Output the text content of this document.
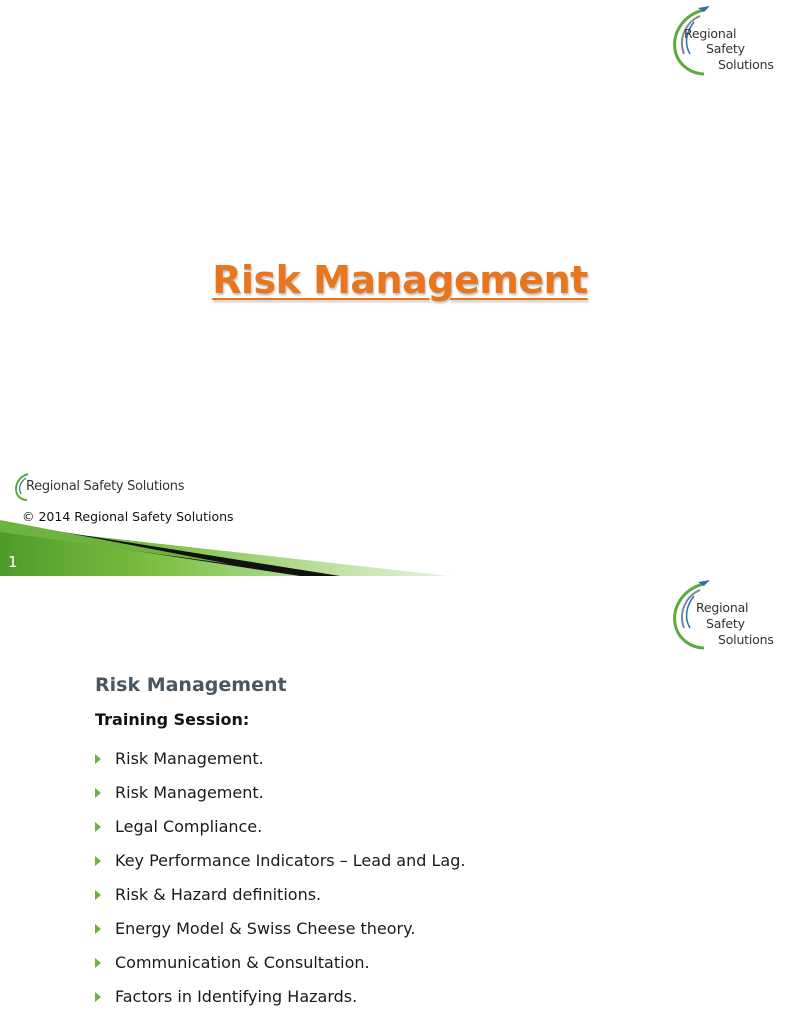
Regional
Safety
Solutions
Risk Management
Regional Safety Solutions
© 2014 Regional Safety Solutions
1
Regional
Safety
Solutions
Risk Management
Training Session:
Risk Management.
Risk Management.
Legal Compliance.
Key Performance Indicators – Lead and Lag.
Risk & Hazard definitions.
Energy Model & Swiss Cheese theory.
Communication & Consultation.
Factors in Identifying Hazards.
